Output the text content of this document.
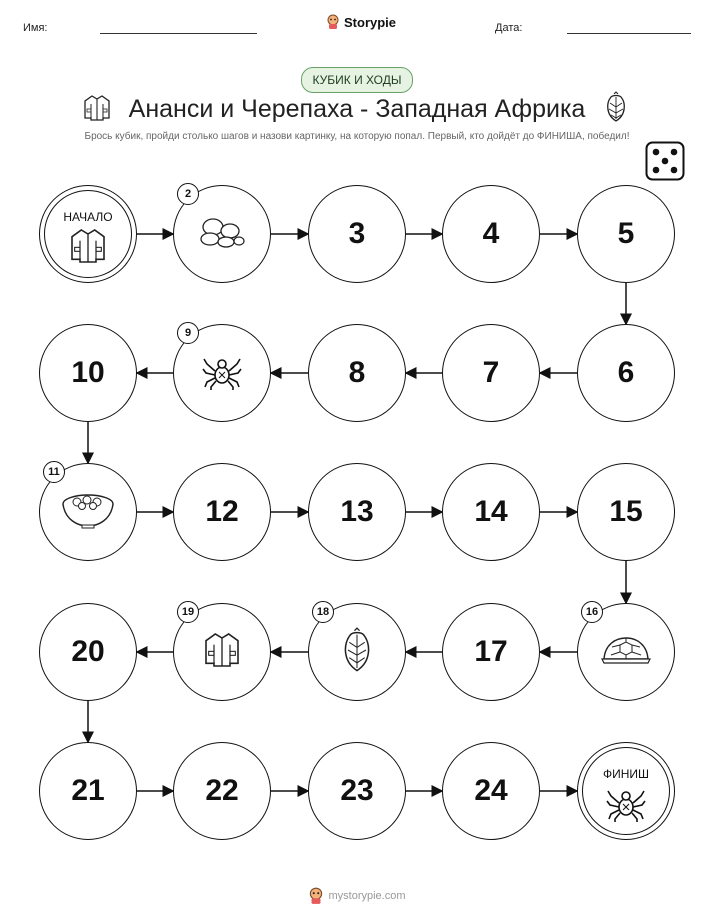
Имя:	Storypie	Дата:
КУБИК И ХОДЫ
Ананси и Черепаха - Западная Африка
Брось кубик, пройди столько шагов и назови картинку, на которую попал. Первый, кто дойдёт до ФИНИША, победил!
НАЧАЛО
2
3	4	5
6
7
8
9
10
11
12	13	14	15
16
17
18
19
20
21	22	23	24	ФИНИШ
mystorypie.com
